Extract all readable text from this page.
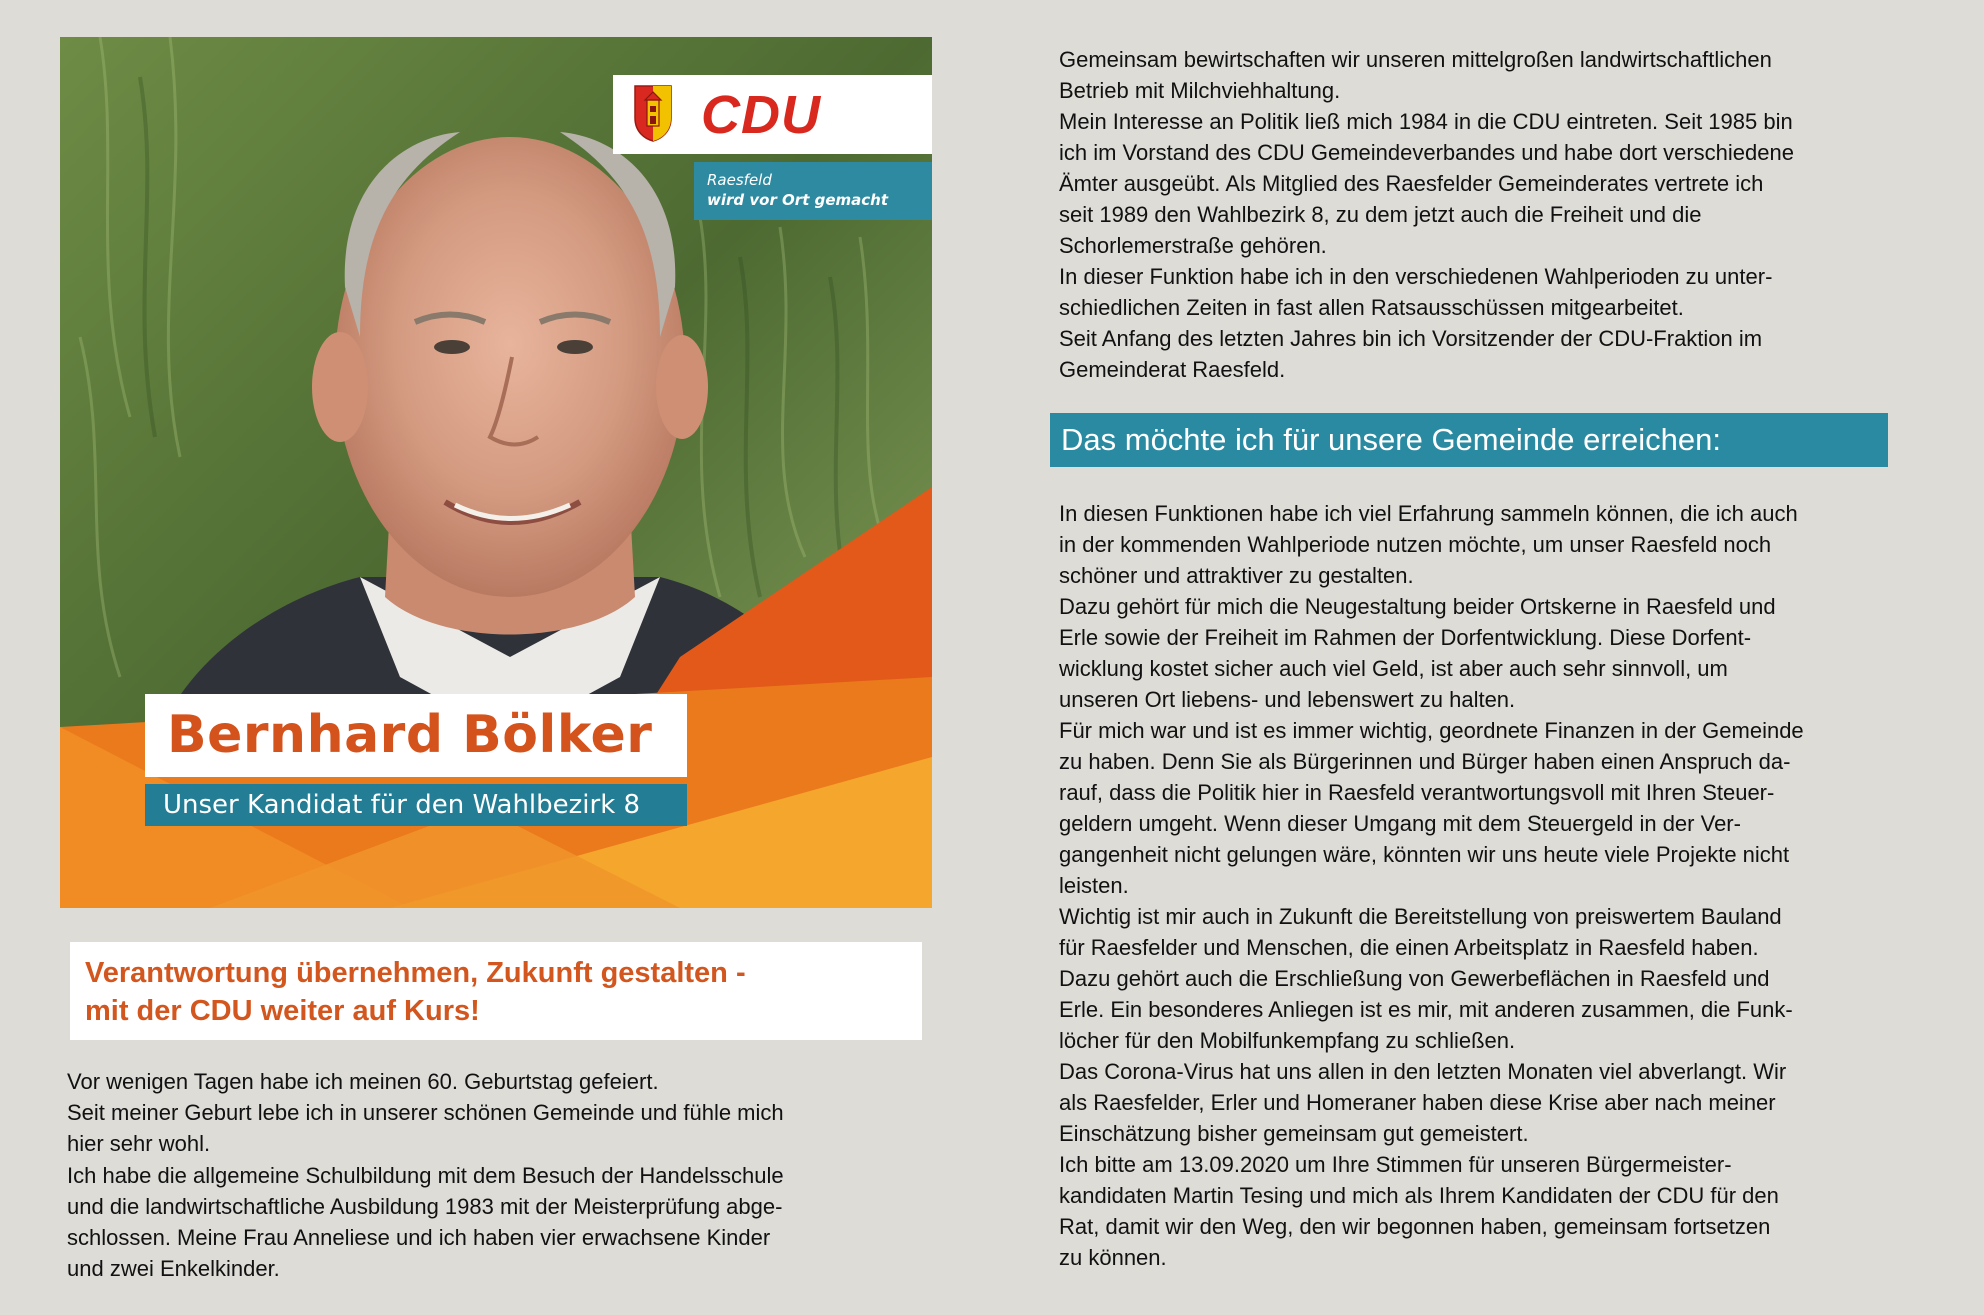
CDU
Raesfeld
wird vor Ort gemacht
Bernhard Bölker
Unser Kandidat für den Wahlbezirk 8
Verantwortung übernehmen, Zukunft gestalten -
mit der CDU weiter auf Kurs!
Vor wenigen Tagen habe ich meinen 60. Geburtstag gefeiert.
Seit meiner Geburt lebe ich in unserer schönen Gemeinde und fühle mich
hier sehr wohl.
Ich habe die allgemeine Schulbildung mit dem Besuch der Handelsschule
und die landwirtschaftliche Ausbildung 1983 mit der Meisterprüfung abge-
schlossen. Meine Frau Anneliese und ich haben vier erwachsene Kinder
und zwei Enkelkinder.
Gemeinsam bewirtschaften wir unseren mittelgroßen landwirtschaftlichen
Betrieb mit Milchviehhaltung.
Mein Interesse an Politik ließ mich 1984 in die CDU eintreten. Seit 1985 bin
ich im Vorstand des CDU Gemeindeverbandes und habe dort verschiedene
Ämter ausgeübt. Als Mitglied des Raesfelder Gemeinderates vertrete ich
seit 1989 den Wahlbezirk 8, zu dem jetzt auch die Freiheit und die
Schorlemerstraße gehören.
In dieser Funktion habe ich in den verschiedenen Wahlperioden zu unter-
schiedlichen Zeiten in fast allen Ratsausschüssen mitgearbeitet.
Seit Anfang des letzten Jahres bin ich Vorsitzender der CDU-Fraktion im
Gemeinderat Raesfeld.
Das möchte ich für unsere Gemeinde erreichen:
In diesen Funktionen habe ich viel Erfahrung sammeln können, die ich auch
in der kommenden Wahlperiode nutzen möchte, um unser Raesfeld noch
schöner und attraktiver zu gestalten.
Dazu gehört für mich die Neugestaltung beider Ortskerne in Raesfeld und
Erle sowie der Freiheit im Rahmen der Dorfentwicklung. Diese Dorfent-
wicklung kostet sicher auch viel Geld, ist aber auch sehr sinnvoll, um
unseren Ort liebens- und lebenswert zu halten.
Für mich war und ist es immer wichtig, geordnete Finanzen in der Gemeinde
zu haben. Denn Sie als Bürgerinnen und Bürger haben einen Anspruch da-
rauf, dass die Politik hier in Raesfeld verantwortungsvoll mit Ihren Steuer-
geldern umgeht. Wenn dieser Umgang mit dem Steuergeld in der Ver-
gangenheit nicht gelungen wäre, könnten wir uns heute viele Projekte nicht
leisten.
Wichtig ist mir auch in Zukunft die Bereitstellung von preiswertem Bauland
für Raesfelder und Menschen, die einen Arbeitsplatz in Raesfeld haben.
Dazu gehört auch die Erschließung von Gewerbeflächen in Raesfeld und
Erle. Ein besonderes Anliegen ist es mir, mit anderen zusammen, die Funk-
löcher für den Mobilfunkempfang zu schließen.
Das Corona-Virus hat uns allen in den letzten Monaten viel abverlangt. Wir
als Raesfelder, Erler und Homeraner haben diese Krise aber nach meiner
Einschätzung bisher gemeinsam gut gemeistert.
Ich bitte am 13.09.2020 um Ihre Stimmen für unseren Bürgermeister-
kandidaten Martin Tesing und mich als Ihrem Kandidaten der CDU für den
Rat, damit wir den Weg, den wir begonnen haben, gemeinsam fortsetzen
zu können.
